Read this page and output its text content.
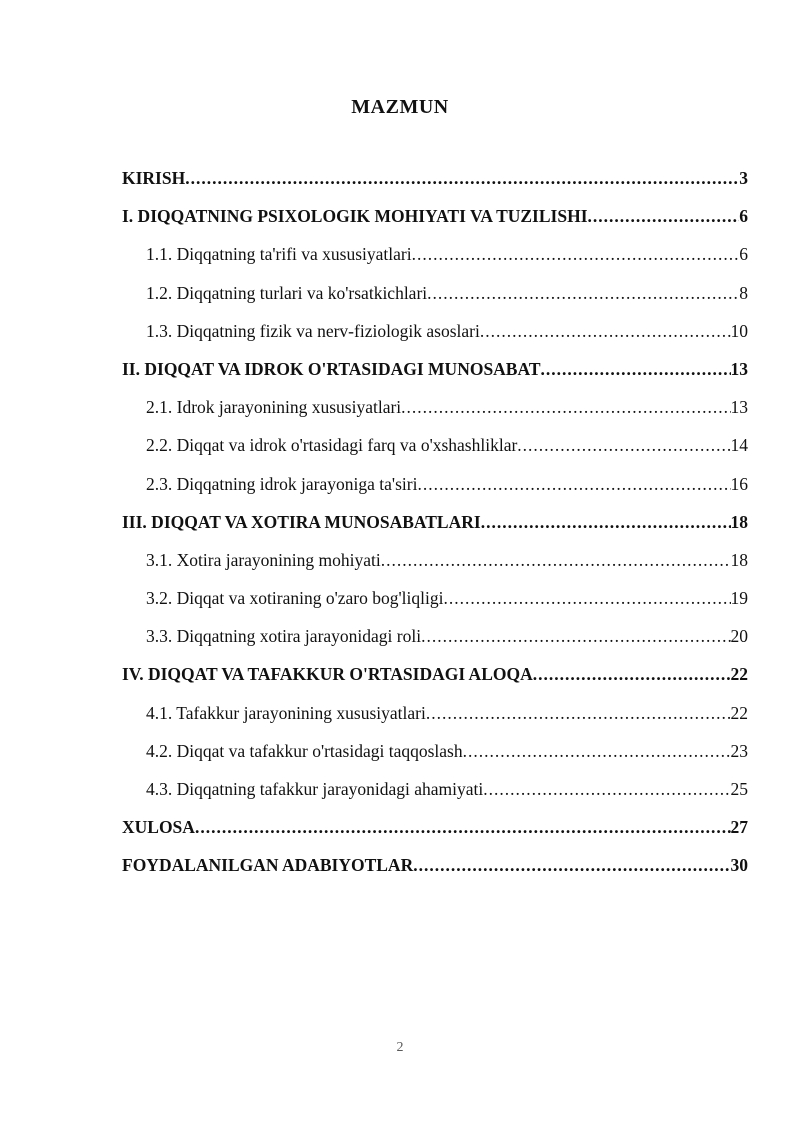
MAZMUN
KIRISH .....	3
I. DIQQATNING PSIXOLOGIK MOHIYATI VA TUZILISHI .....	6
1.1. Diqqatning ta'rifi va xususiyatlari .....	6
1.2. Diqqatning turlari va ko'rsatkichlari .....	8
1.3. Diqqatning fizik va nerv-fiziologik asoslari .....	10
II. DIQQAT VA IDROK O'RTASIDAGI MUNOSABAT .....	13
2.1. Idrok jarayonining xususiyatlari .....	13
2.2. Diqqat va idrok o'rtasidagi farq va o'xshashliklar .....	14
2.3. Diqqatning idrok jarayoniga ta'siri .....	16
III. DIQQAT VA XOTIRA MUNOSABATLARI .....	18
3.1. Xotira jarayonining mohiyati .....	18
3.2. Diqqat va xotiraning o'zaro bog'liqligi .....	19
3.3. Diqqatning xotira jarayonidagi roli .....	20
IV. DIQQAT VA TAFAKKUR O'RTASIDAGI ALOQA .....	22
4.1. Tafakkur jarayonining xususiyatlari .....	22
4.2. Diqqat va tafakkur o'rtasidagi taqqoslash .....	23
4.3. Diqqatning tafakkur jarayonidagi ahamiyati .....	25
XULOSA .....	27
FOYDALANILGAN ADABIYOTLAR .....	30
2
